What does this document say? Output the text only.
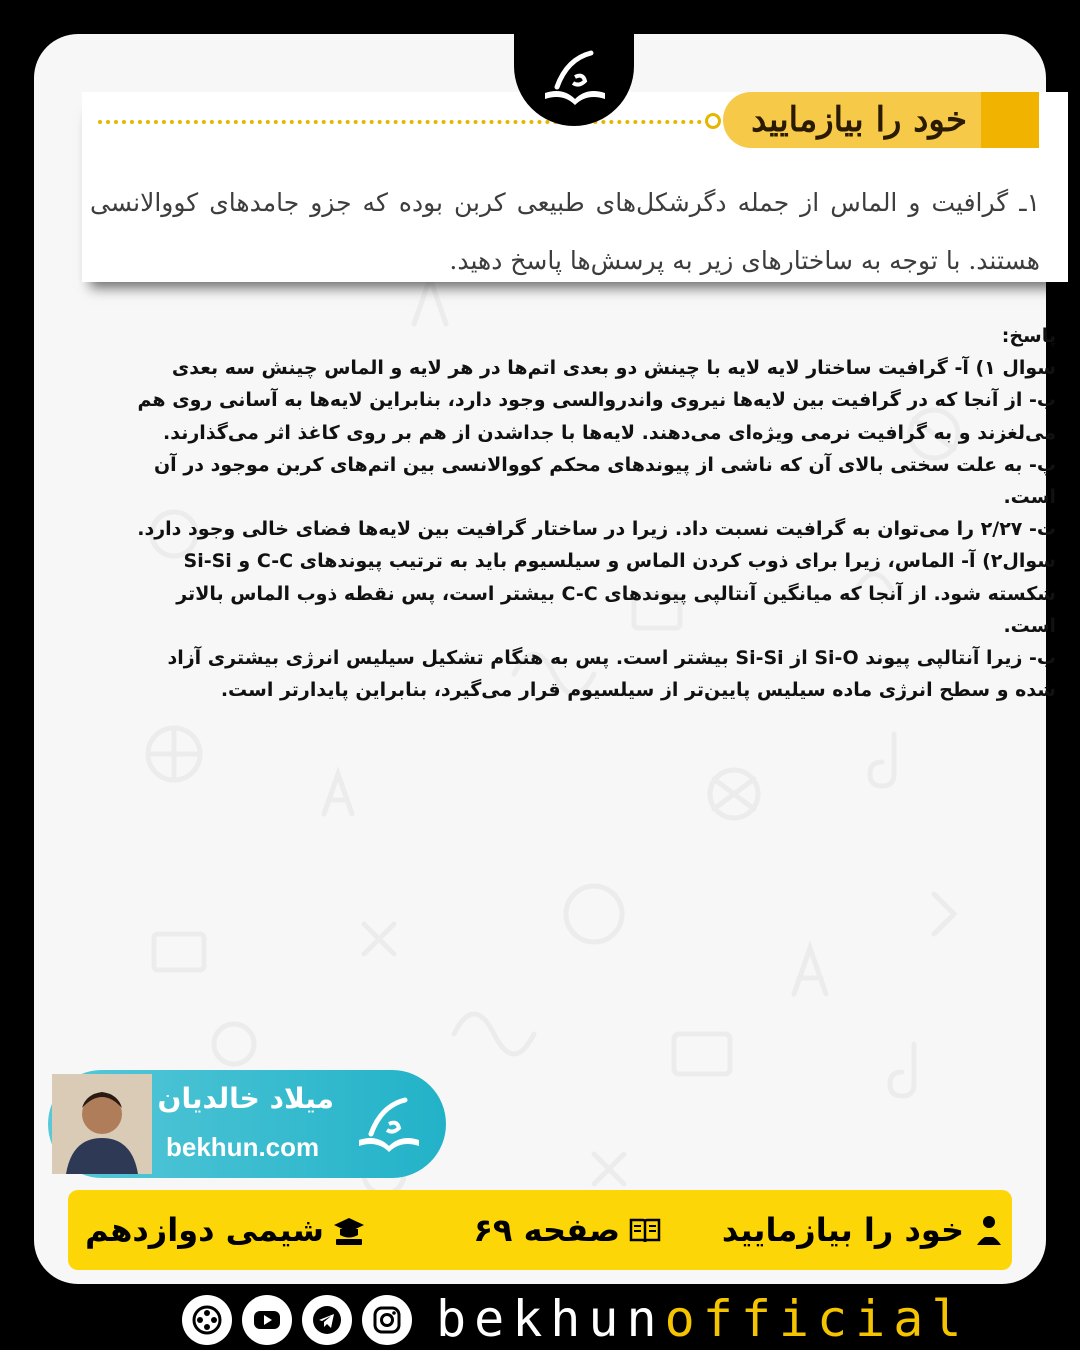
خود را بیازمایید
۱ـ گرافیت و الماس از جمله دگرشکل‌های طبیعی کربن بوده که جزو جامدهای کووالانسی هستند. با توجه به ساختارهای زیر به پرسش‌ها پاسخ دهید.
پاسخ:
سوال ۱) آ- گرافیت ساختار لایه لایه با چینش دو بعدی اتم‌ها در هر لایه و الماس چینش سه بعدی
ب- از آنجا که در گرافیت بین لایه‌ها نیروی واندروالسی وجود دارد، بنابراین لایه‌ها به آسانی روی هم
می‌لغزند و به گرافیت نرمی ویژه‌ای می‌دهند. لایه‌ها با جداشدن از هم بر روی کاغذ اثر می‌گذارند.
پ- به علت سختی بالای آن که ناشی از پیوندهای محکم کووالانسی بین اتم‌های کربن موجود در آن
است.
ت- ۲/۲۷ را می‌توان به گرافیت نسبت داد. زیرا در ساختار گرافیت بین لایه‌ها فضای خالی وجود دارد.
سوال۲) آ- الماس، زیرا برای ذوب کردن الماس و سیلسیوم باید به ترتیب پیوندهای C-C و Si-Si
شکسته شود. از آنجا که میانگین آنتالپی پیوندهای C-C بیشتر است، پس نقطه ذوب الماس بالاتر
است.
ب- زیرا آنتالپی پیوند Si-O از Si-Si بیشتر است. پس به هنگام تشکیل سیلیس انرژی بیشتری آزاد
شده و سطح انرژی ماده سیلیس پایین‌تر از سیلسیوم قرار می‌گیرد، بنابراین پایدارتر است.
میلاد خالدیان
bekhun.com
خود را بیازمایید
صفحه ۶۹
شیمی دوازدهم
bekhunofficial
